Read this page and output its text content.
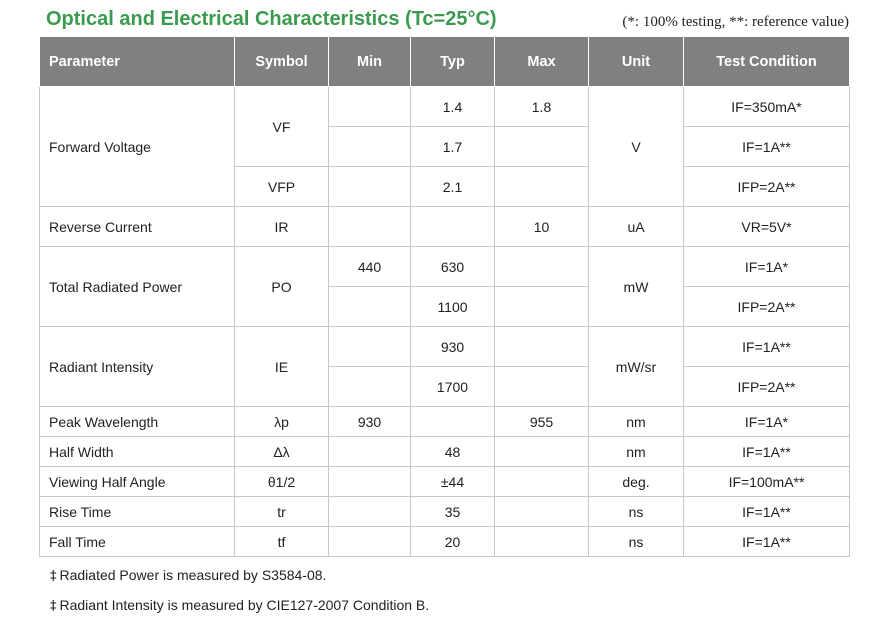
Optical and Electrical Characteristics (Tc=25°C)	(*: 100% testing, **: reference value)
Parameter	Symbol	Min	Typ	Max	Unit	Test Condition
Forward Voltage	VF		1.4	1.8	V	IF=350mA*
			1.7			IF=1A**
	VFP		2.1			IFP=2A**
Reverse Current	IR			10	uA	VR=5V*
Total Radiated Power	PO	440	630		mW	IF=1A*
			1100			IFP=2A**
Radiant Intensity	IE		930		mW/sr	IF=1A**
			1700			IFP=2A**
Peak Wavelength	λp	930		955	nm	IF=1A*
Half Width	Δλ		48		nm	IF=1A**
Viewing Half Angle	θ1/2		±44		deg.	IF=100mA**
Rise Time	tr		35		ns	IF=1A**
Fall Time	tf		20		ns	IF=1A**
‡ Radiated Power is measured by S3584-08.
‡ Radiant Intensity is measured by CIE127-2007 Condition B.
